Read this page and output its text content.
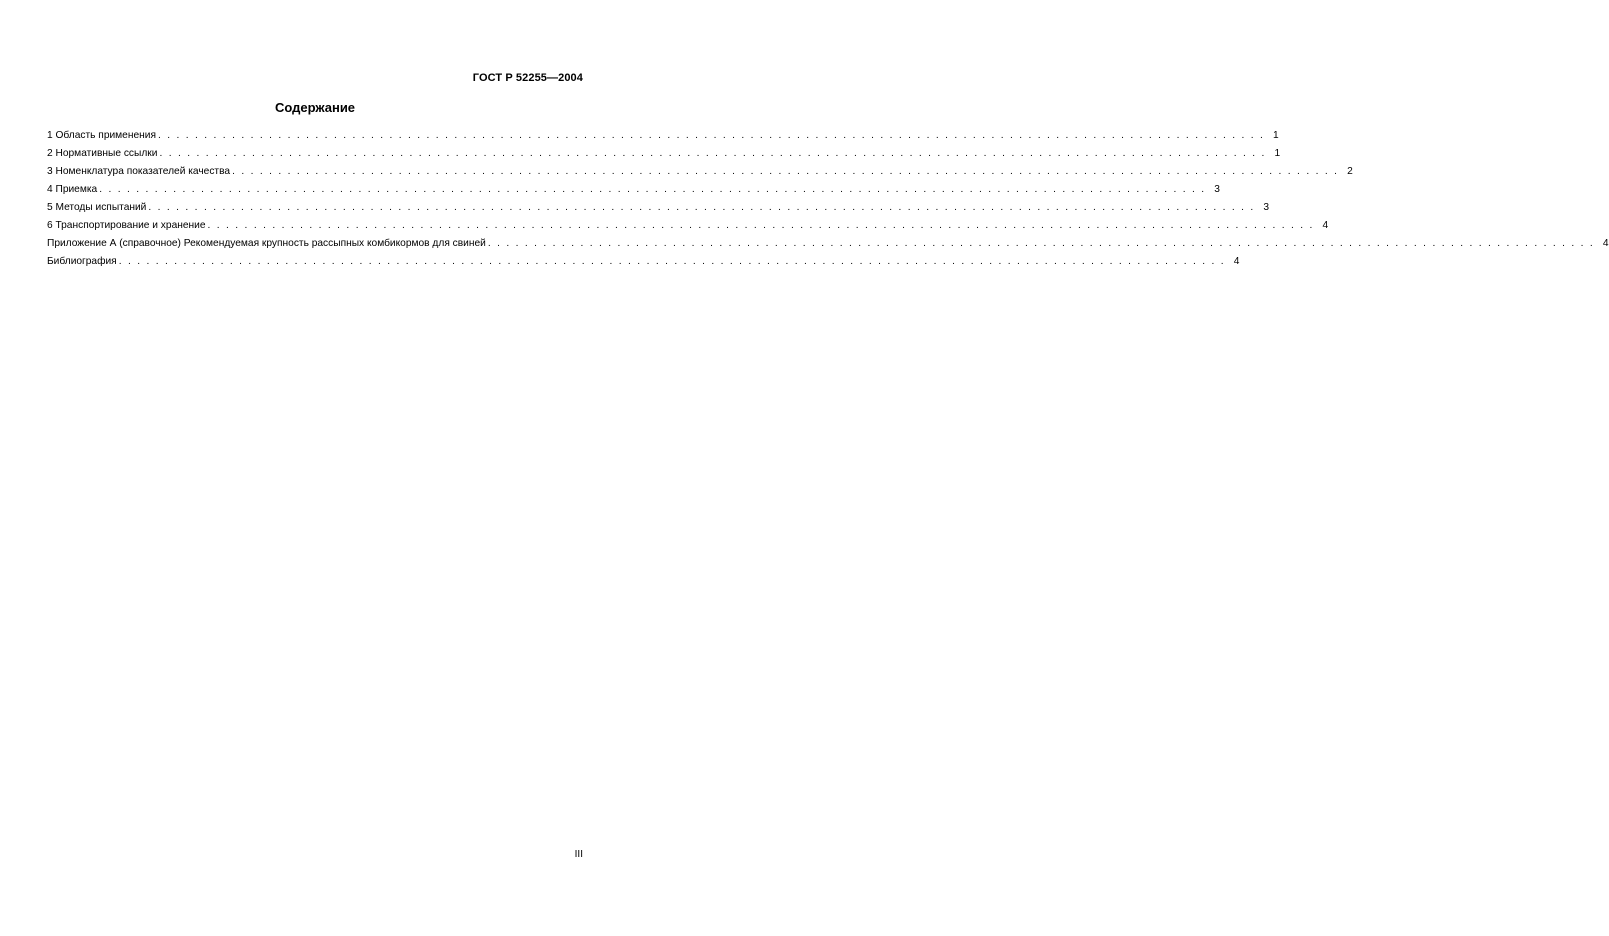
ГОСТ Р 52255—2004
Содержание
1 Область применения . . . . . . . . . . . . . . . . . . . . . . . . . . . . . . . . . . . . . . . . . . . . . . . . . . . . . . . . . . . . . . . . . . . . . . . . . . . . . . . . . . . . . . . . . . . . . . . . . . . . . . . . . . . . . . . . . . . . . . . . 1
2 Нормативные ссылки . . . . . . . . . . . . . . . . . . . . . . . . . . . . . . . . . . . . . . . . . . . . . . . . . . . . . . . . . . . . . . . . . . . . . . . . . . . . . . . . . . . . . . . . . . . . . . . . . . . . . . . . . . . . . . . . . . . . . . . . 1
3 Номенклатура показателей качества . . . . . . . . . . . . . . . . . . . . . . . . . . . . . . . . . . . . . . . . . . . . . . . . . . . . . . . . . . . . . . . . . . . . . . . . . . . . . . . . . . . . . . . . . . . . . . . . . . . . . . . . . . . . . . . . . . . . . . . . 2
4 Приемка . . . . . . . . . . . . . . . . . . . . . . . . . . . . . . . . . . . . . . . . . . . . . . . . . . . . . . . . . . . . . . . . . . . . . . . . . . . . . . . . . . . . . . . . . . . . . . . . . . . . . . . . . . . . . . . . . . . . . . . . 3
5 Методы испытаний . . . . . . . . . . . . . . . . . . . . . . . . . . . . . . . . . . . . . . . . . . . . . . . . . . . . . . . . . . . . . . . . . . . . . . . . . . . . . . . . . . . . . . . . . . . . . . . . . . . . . . . . . . . . . . . . . . . . . . . . 3
6 Транспортирование и хранение . . . . . . . . . . . . . . . . . . . . . . . . . . . . . . . . . . . . . . . . . . . . . . . . . . . . . . . . . . . . . . . . . . . . . . . . . . . . . . . . . . . . . . . . . . . . . . . . . . . . . . . . . . . . . . . . . . . . . . . . 4
Приложение А (справочное) Рекомендуемая крупность рассыпных комбикормов для свиней . . . . . . . . . . . . . . . . . . . . . . . . . . . . . . . . . . . . . . . . . . . . . . . . . . . . . . . . . . . . . . . . . . . . . . . . . . . . . . . . . . . . . . . . . . . . . . . . . . . . . . . . . . . . . . . . . . . . . . . . 4
Библиография . . . . . . . . . . . . . . . . . . . . . . . . . . . . . . . . . . . . . . . . . . . . . . . . . . . . . . . . . . . . . . . . . . . . . . . . . . . . . . . . . . . . . . . . . . . . . . . . . . . . . . . . . . . . . . . . . . . . . . . . 4
III
